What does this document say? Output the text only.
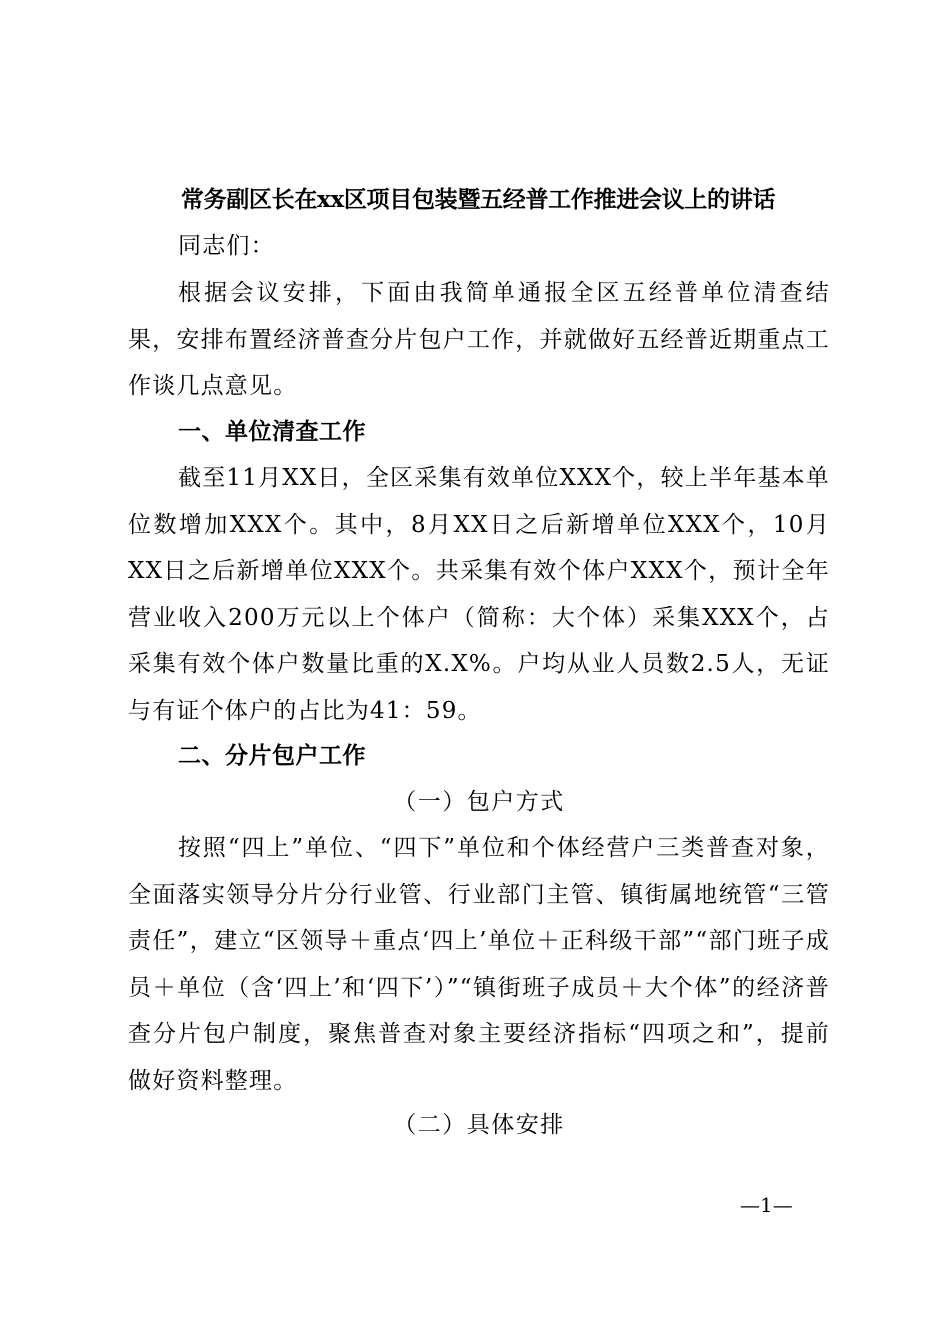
常务副区长在xx区项目包装暨五经普工作推进会议上的讲话

同志们：

根据会议安排，下面由我简单通报全区五经普单位清查结果，安排布置经济普查分片包户工作，并就做好五经普近期重点工作谈几点意见。

一、单位清查工作

截至11月XX日，全区采集有效单位XXX个，较上半年基本单位数增加XXX个。其中，8月XX日之后新增单位XXX个，10月XX日之后新增单位XXX个。共采集有效个体户XXX个，预计全年营业收入200万元以上个体户（简称：大个体）采集XXX个，占采集有效个体户数量比重的X.X%。户均从业人员数2.5人，无证与有证个体户的占比为41：59。

二、分片包户工作
（一）包户方式

按照“四上”单位、“四下”单位和个体经营户三类普查对象，全面落实领导分片分行业管、行业部门主管、镇街属地统管“三管责任”，建立“区领导＋重点‘四上’单位＋正科级干部”“部门班子成员＋单位（含‘四上’和‘四下’）”“镇街班子成员＋大个体”的经济普查分片包户制度，聚焦普查对象主要经济指标“四项之和”，提前做好资料整理。

（二）具体安排
—1—
